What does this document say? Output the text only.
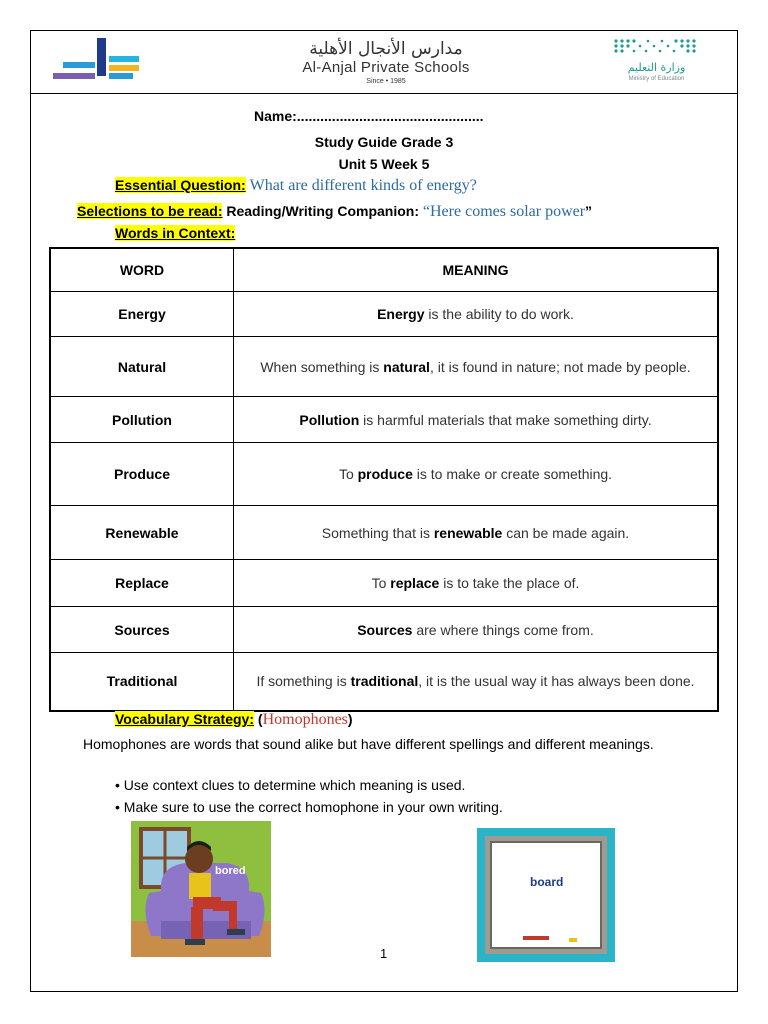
مدارس الأنجال الأهلية
Al-Anjal Private Schools
Since • 1985
وزارة التعليم
Ministry of Education
Name:................................................
Study Guide Grade 3
Unit 5 Week 5
Essential Question: What are different kinds of energy?
Selections to be read: Reading/Writing Companion: “Here comes solar power”
Words in Context:
WORD	MEANING
Energy	Energy is the ability to do work.
Natural	When something is natural, it is found in nature; not made by people.
Pollution	Pollution is harmful materials that make something dirty.
Produce	To produce is to make or create something.
Renewable	Something that is renewable can be made again.
Replace	To replace is to take the place of.
Sources	Sources are where things come from.
Traditional	If something is traditional, it is the usual way it has always been done.
Vocabulary Strategy: (Homophones)
Homophones are words that sound alike but have different spellings and different meanings.
• Use context clues to determine which meaning is used.
• Make sure to use the correct homophone in your own writing.
bored
board
1
